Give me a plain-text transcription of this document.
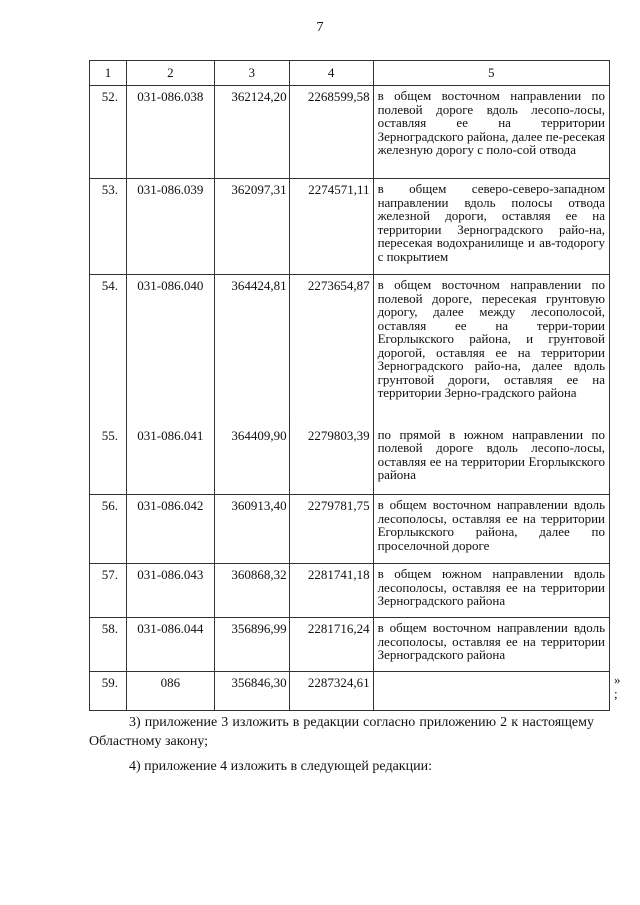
7
1	2	3	4	5
52.	031-086.038	362124,20	2268599,58	в общем восточном направлении по полевой дороге вдоль лесопо-лосы, оставляя ее на территории Зерноградского района, далее пе-ресекая железную дорогу с поло-сой отвода
53.	031-086.039	362097,31	2274571,11	в общем северо-северо-западном направлении вдоль полосы отвода железной дороги, оставляя ее на территории Зерноградского райо-на, пересекая водохранилище и ав-тодорогу с покрытием
54.	031-086.040	364424,81	2273654,87	в общем восточном направлении по полевой дороге, пересекая грунтовую дорогу, далее между лесополосой, оставляя ее на терри-тории Егорлыкского района, и грунтовой дорогой, оставляя ее на территории Зерноградского райо-на, далее вдоль грунтовой дороги, оставляя ее на территории Зерно-градского района
55.	031-086.041	364409,90	2279803,39	по прямой в южном направлении по полевой дороге вдоль лесопо-лосы, оставляя ее на территории Егорлыкского района
56.	031-086.042	360913,40	2279781,75	в общем восточном направлении вдоль лесополосы, оставляя ее на территории Егорлыкского района, далее по проселочной дороге
57.	031-086.043	360868,32	2281741,18	в общем южном направлении вдоль лесополосы, оставляя ее на территории Зерноградского района
58.	031-086.044	356896,99	2281716,24	в общем восточном направлении вдоль лесополосы, оставляя ее на территории Зерноградского района
59.	086	356846,30	2287324,61	
·
»
;
3) приложение 3 изложить в редакции согласно приложению 2 к настоящему Областному закону;
4) приложение 4 изложить в следующей редакции:
